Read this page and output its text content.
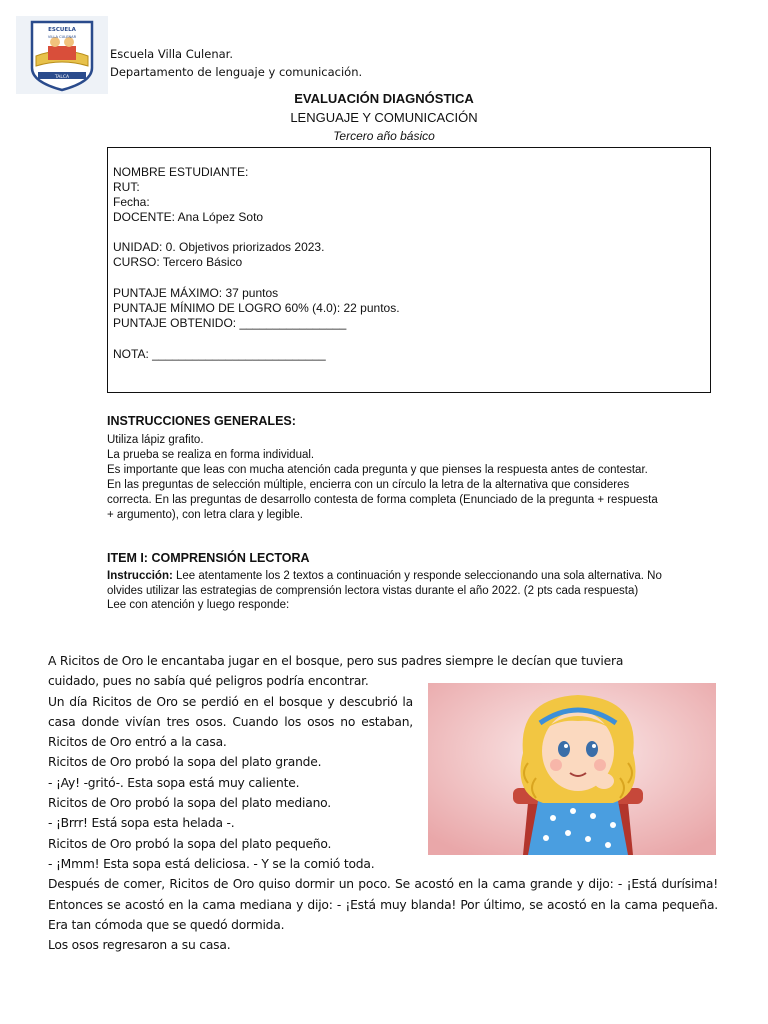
ESCUELA
VILLA CULENAR
TALCA
Escuela Villa Culenar.
Departamento de lenguaje y comunicación.
EVALUACIÓN DIAGNÓSTICA
LENGUAJE Y COMUNICACIÓN
Tercero año básico
NOMBRE ESTUDIANTE:
RUT:
Fecha:
DOCENTE: Ana López Soto
UNIDAD: 0. Objetivos priorizados 2023.
CURSO: Tercero Básico
PUNTAJE MÁXIMO: 37 puntos
PUNTAJE MÍNIMO DE LOGRO 60% (4.0): 22 puntos.
PUNTAJE OBTENIDO: ________________
NOTA: __________________________
INSTRUCCIONES GENERALES:

Utiliza lápiz grafito.

La prueba se realiza en forma individual.

Es importante que leas con mucha atención cada pregunta y que pienses la respuesta antes de contestar.

En las preguntas de selección múltiple, encierra con un círculo la letra de la alternativa que consideres correcta. En las preguntas de desarrollo contesta de forma completa (Enunciado de la pregunta + respuesta + argumento), con letra clara y legible.

ITEM I: COMPRENSIÓN LECTORA

Instrucción: Lee atentamente los 2 textos a continuación y responde seleccionando una sola alternativa. No olvides utilizar las estrategias de comprensión lectora vistas durante el año 2022. (2 pts cada respuesta)

Lee con atención y luego responde:

A Ricitos de Oro le encantaba jugar en el bosque, pero sus padres siempre le decían que tuviera

cuidado, pues no sabía qué peligros podría encontrar.

Un día Ricitos de Oro se perdió en el bosque y descubrió la casa donde vivían tres osos. Cuando los osos no estaban, Ricitos de Oro entró a la casa.

Ricitos de Oro probó la sopa del plato grande.

- ¡Ay! -gritó-. Esta sopa está muy caliente.

Ricitos de Oro probó la sopa del plato mediano.

- ¡Brrr! Está sopa esta helada -.

Ricitos de Oro probó la sopa del plato pequeño.

- ¡Mmm! Esta sopa está deliciosa. - Y se la comió toda.

Después de comer, Ricitos de Oro quiso dormir un poco. Se acostó en la cama grande y dijo: - ¡Está durísima! Entonces se acostó en la cama mediana y dijo: - ¡Está muy blanda! Por último, se acostó en la cama pequeña. Era tan cómoda que se quedó dormida.

Los osos regresaron a su casa.
